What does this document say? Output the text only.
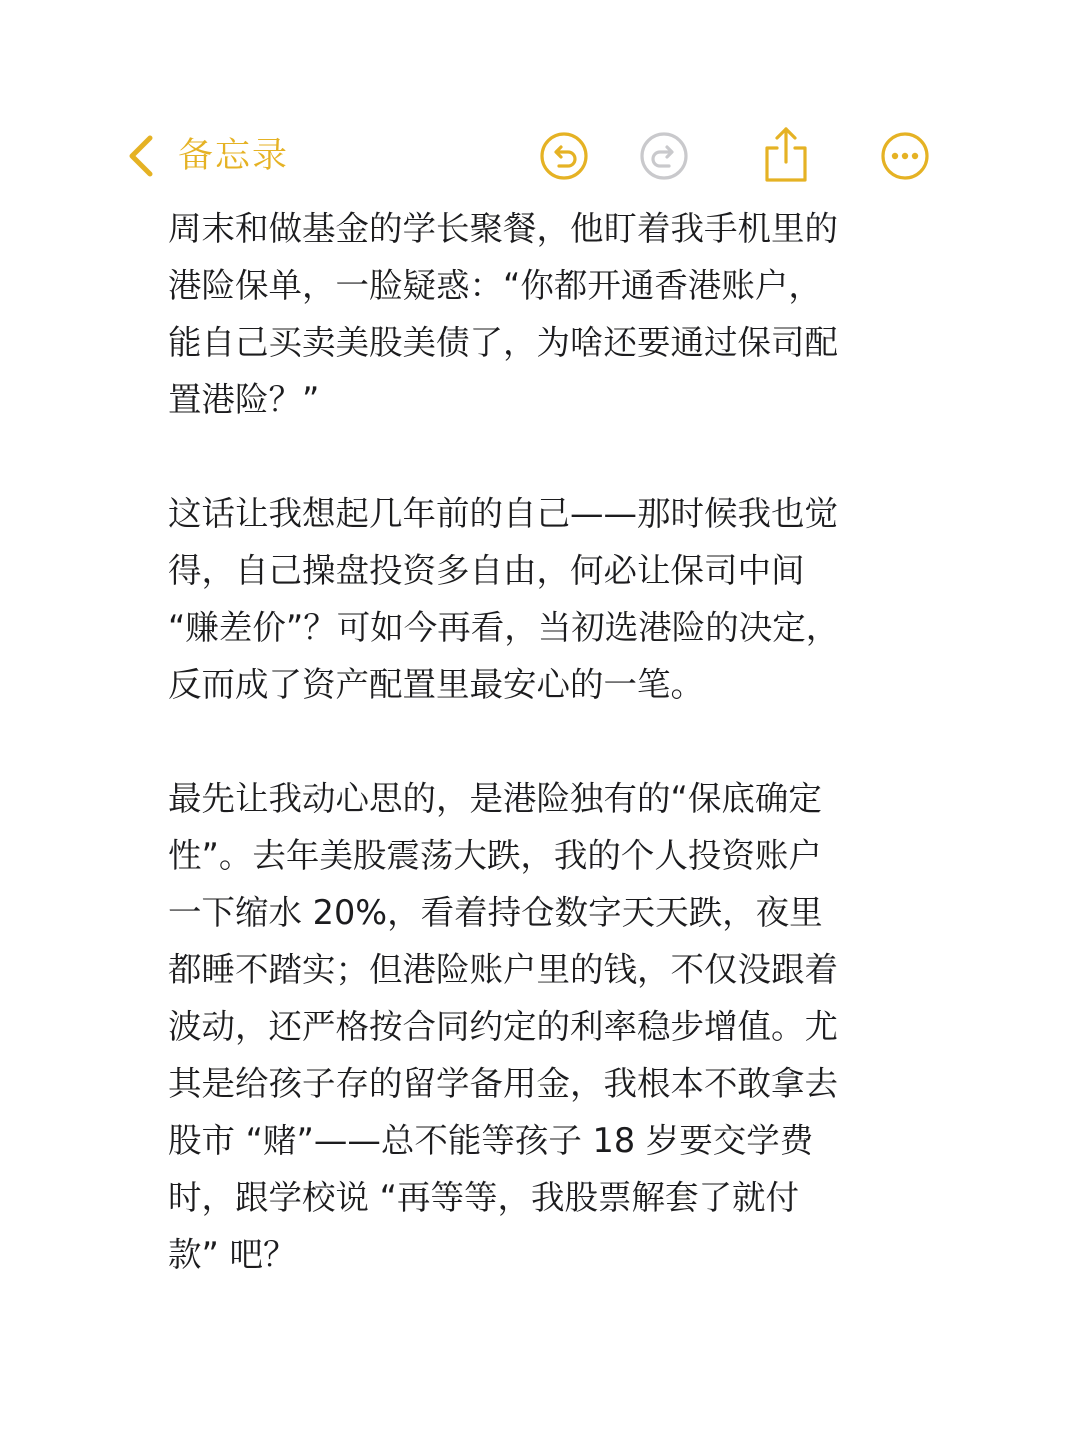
备忘录

周末和做基金的学长聚餐，他盯着我手机里的
港险保单，一脸疑惑：“你都开通香港账户，
能自己买卖美股美债了，为啥还要通过保司配
置港险？”

这话让我想起几年前的自己——那时候我也觉
得，自己操盘投资多自由，何必让保司中间
“赚差价”？可如今再看，当初选港险的决定，
反而成了资产配置里最安心的一笔。

最先让我动心思的，是港险独有的“保底确定
性”。去年美股震荡大跌，我的个人投资账户
一下缩水 20%，看着持仓数字天天跌，夜里
都睡不踏实；但港险账户里的钱，不仅没跟着
波动，还严格按合同约定的利率稳步增值。尤
其是给孩子存的留学备用金，我根本不敢拿去
股市 “赌”——总不能等孩子 18 岁要交学费
时，跟学校说 “再等等，我股票解套了就付
款” 吧？
